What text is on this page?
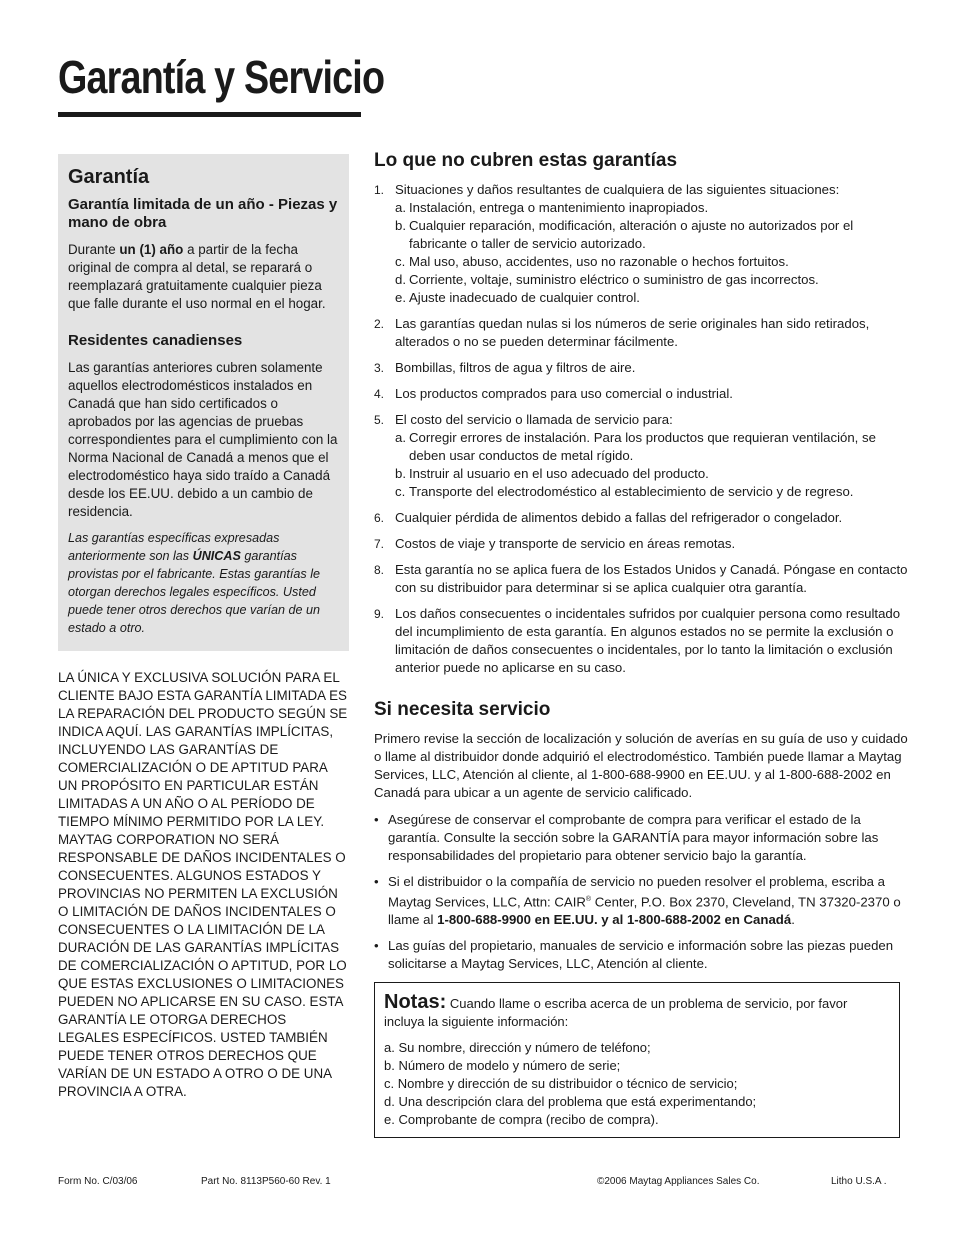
Garantía y Servicio
Garantía
Garantía limitada de un año - Piezas y mano de obra

Durante un (1) año a partir de la fecha original de compra al detal, se reparará o reemplazará gratuitamente cualquier pieza que falle durante el uso normal en el hogar.

Residentes canadienses

Las garantías anteriores cubren solamente aquellos electrodomésticos instalados en Canadá que han sido certificados o aprobados por las agencias de pruebas correspondientes para el cumplimiento con la Norma Nacional de Canadá a menos que el electrodoméstico haya sido traído a Canadá desde los EE.UU. debido a un cambio de residencia.

Las garantías específicas expresadas anteriormente son las ÚNICAS garantías provistas por el fabricante. Estas garantías le otorgan derechos legales específicos. Usted puede tener otros derechos que varían de un estado a otro.

LA ÚNICA Y EXCLUSIVA SOLUCIÓN PARA EL CLIENTE BAJO ESTA GARANTÍA LIMITADA ES LA REPARACIÓN DEL PRODUCTO SEGÚN SE INDICA AQUÍ. LAS GARANTÍAS IMPLÍCITAS, INCLUYENDO LAS GARANTÍAS DE COMERCIALIZACIÓN O DE APTITUD PARA UN PROPÓSITO EN PARTICULAR ESTÁN LIMITADAS A UN AÑO O AL PERÍODO DE TIEMPO MÍNIMO PERMITIDO POR LA LEY. MAYTAG CORPORATION NO SERÁ RESPONSABLE DE DAÑOS INCIDENTALES O CONSECUENTES. ALGUNOS ESTADOS Y PROVINCIAS NO PERMITEN LA EXCLUSIÓN O LIMITACIÓN DE DAÑOS INCIDENTALES O CONSECUENTES O LA LIMITACIÓN DE LA DURACIÓN DE LAS GARANTÍAS IMPLÍCITAS DE COMERCIALIZACIÓN O APTITUD, POR LO QUE ESTAS EXCLUSIONES O LIMITACIONES PUEDEN NO APLICARSE EN SU CASO. ESTA GARANTÍA LE OTORGA DERECHOS LEGALES ESPECÍFICOS. USTED TAMBIÉN PUEDE TENER OTROS DERECHOS QUE VARÍAN DE UN ESTADO A OTRO O DE UNA PROVINCIA A OTRA.

Lo que no cubren estas garantías
1. Situaciones y daños resultantes de cualquiera de las siguientes situaciones:
a. Instalación, entrega o mantenimiento inapropiados.
b. Cualquier reparación, modificación, alteración o ajuste no autorizados por el fabricante o taller de servicio autorizado.
c. Mal uso, abuso, accidentes, uso no razonable o hechos fortuitos.
d. Corriente, voltaje, suministro eléctrico o suministro de gas incorrectos.
e. Ajuste inadecuado de cualquier control.
2. Las garantías quedan nulas si los números de serie originales han sido retirados, alterados o no se pueden determinar fácilmente.
3. Bombillas, filtros de agua y filtros de aire.
4. Los productos comprados para uso comercial o industrial.
5. El costo del servicio o llamada de servicio para:
a. Corregir errores de instalación. Para los productos que requieran ventilación, se deben usar conductos de metal rígido.
b. Instruir al usuario en el uso adecuado del producto.
c. Transporte del electrodoméstico al establecimiento de servicio y de regreso.
6. Cualquier pérdida de alimentos debido a fallas del refrigerador o congelador.
7. Costos de viaje y transporte de servicio en áreas remotas.
8. Esta garantía no se aplica fuera de los Estados Unidos y Canadá. Póngase en contacto con su distribuidor para determinar si se aplica cualquier otra garantía.
9. Los daños consecuentes o incidentales sufridos por cualquier persona como resultado del incumplimiento de esta garantía. En algunos estados no se permite la exclusión o limitación de daños consecuentes o incidentales, por lo tanto la limitación o exclusión anterior puede no aplicarse en su caso.
Si necesita servicio

Primero revise la sección de localización y solución de averías en su guía de uso y cuidado o llame al distribuidor donde adquirió el electrodoméstico. También puede llamar a Maytag Services, LLC, Atención al cliente, al 1-800-688-9900 en EE.UU. y al 1-800-688-2002 en Canadá para ubicar a un agente de servicio calificado.

• Asegúrese de conservar el comprobante de compra para verificar el estado de la garantía. Consulte la sección sobre la GARANTÍA para mayor información sobre las responsabilidades del propietario para obtener servicio bajo la garantía.
• Si el distribuidor o la compañía de servicio no pueden resolver el problema, escriba a Maytag Services, LLC, Attn: CAIR® Center, P.O. Box 2370, Cleveland, TN 37320-2370 o llame al 1-800-688-9900 en EE.UU. y al 1-800-688-2002 en Canadá.
• Las guías del propietario, manuales de servicio e información sobre las piezas pueden solicitarse a Maytag Services, LLC, Atención al cliente.

Notas: Cuando llame o escriba acerca de un problema de servicio, por favor incluya la siguiente información:

a. Su nombre, dirección y número de teléfono;
b. Número de modelo y número de serie;
c. Nombre y dirección de su distribuidor o técnico de servicio;
d. Una descripción clara del problema que está experimentando;
e. Comprobante de compra (recibo de compra).
Form No. C/03/06	Part No. 8113P560-60 Rev. 1	©2006 Maytag Appliances Sales Co.	Litho U.S.A .
